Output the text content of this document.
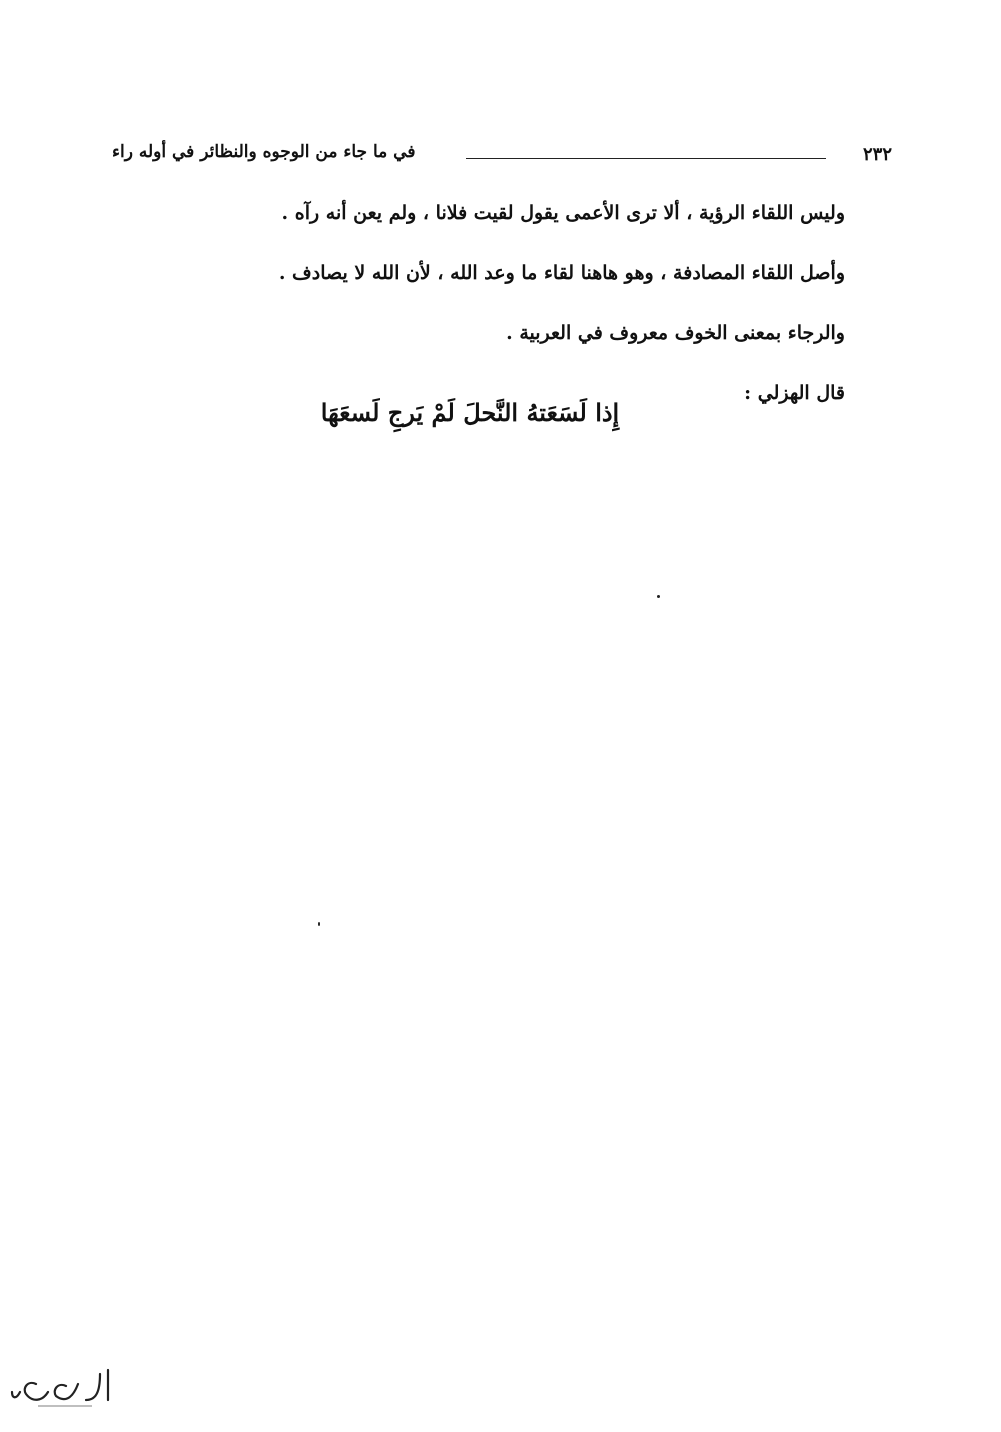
٢٣٢
في ما جاء من الوجوه والنظائر في أوله راء
وليس اللقاء الرؤية ، ألا ترى الأعمى يقول لقيت فلانا ، ولم يعن أنه رآه .
وأصل اللقاء المصادفة ، وهو هاهنا لقاء ما وعد الله ، لأن الله لا يصادف .
والرجاء بمعنى الخوف معروف في العربية .
قال الهزلي :
إِذا لَسَعَتهُ النَّحلَ لَمْ يَرجِ لَسعَهَا
